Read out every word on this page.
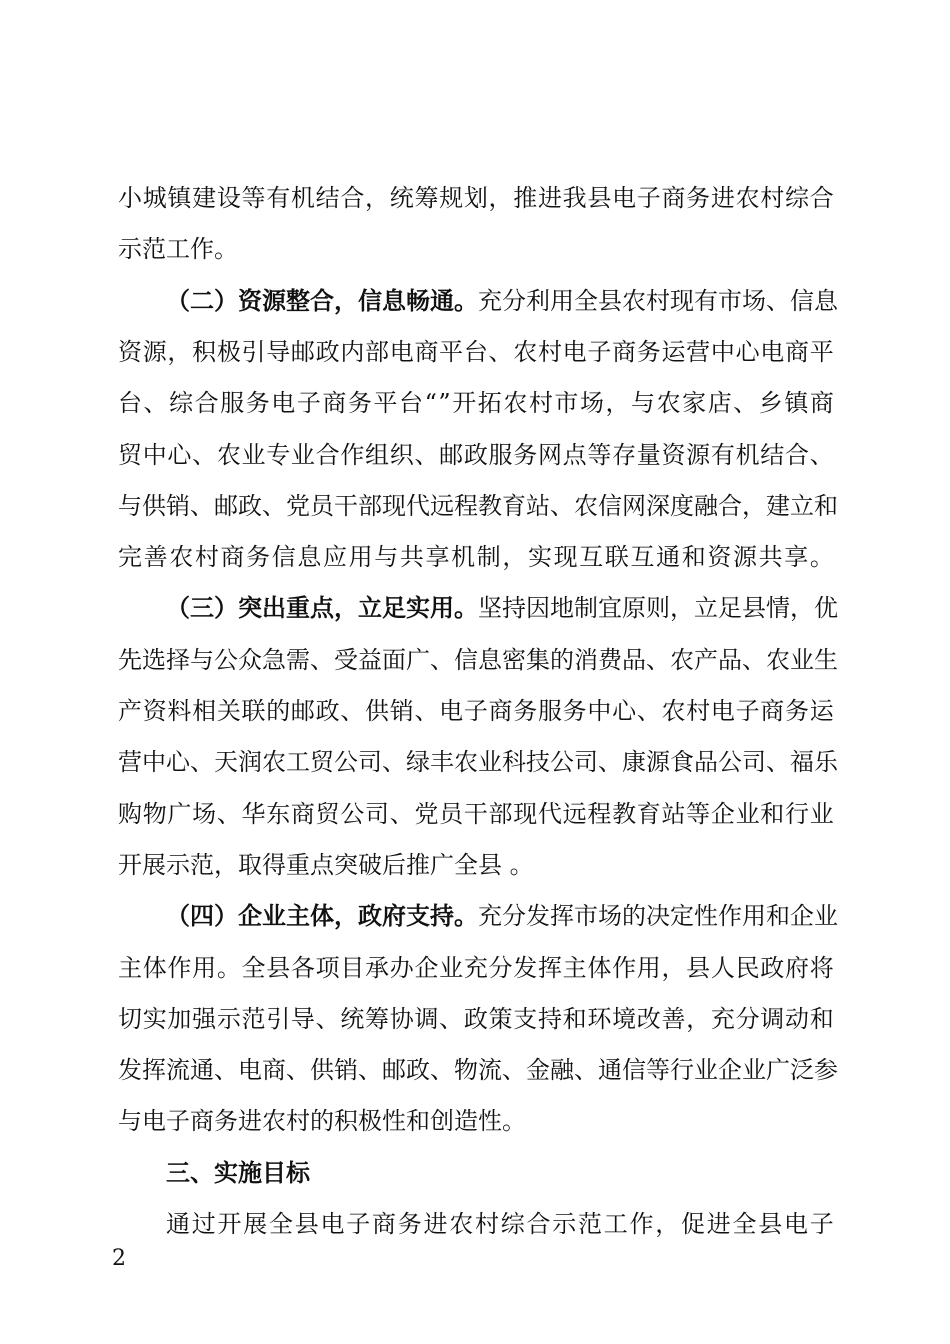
小 城 镇 建 设 等 有 机 结 合 ， 统 筹 规 划 ， 推 进 我 县 电 子 商 务 进 农 村 综 合
示范工作。
（ 二 ） 资 源 整 合 ， 信 息 畅 通 。 充 分 利 用 全 县 农 村 现 有 市 场 、 信 息
资 源 ， 积 极 引 导 邮 政 内 部 电 商 平 台 、 农 村 电 子 商 务 运 营 中 心 电 商 平
台 、 综 合 服 务 电 子 商 务 平 台 “ ” 开 拓 农 村 市 场 ， 与 农 家 店 、 乡 镇 商
贸 中 心 、 农 业 专 业 合 作 组 织 、 邮 政 服 务 网 点 等 存 量 资 源 有 机 结 合 、
与 供 销 、 邮 政 、 党 员 干 部 现 代 远 程 教 育 站 、 农 信 网 深 度 融 合 ， 建 立 和
完 善 农 村 商 务 信 息 应 用 与 共 享 机 制 ， 实 现 互 联 互 通 和 资 源 共 享 。
（ 三 ） 突 出 重 点 ， 立 足 实 用 。 坚 持 因 地 制 宜 原 则 ， 立 足 县 情 ， 优
先 选 择 与 公 众 急 需 、 受 益 面 广 、 信 息 密 集 的 消 费 品 、 农 产 品 、 农 业 生
产 资 料 相 关 联 的 邮 政 、 供 销 、 电 子 商 务 服 务 中 心 、 农 村 电 子 商 务 运
营 中 心 、 天 润 农 工 贸 公 司 、 绿 丰 农 业 科 技 公 司 、 康 源 食 品 公 司 、 福 乐
购 物 广 场 、 华 东 商 贸 公 司 、 党 员 干 部 现 代 远 程 教 育 站 等 企 业 和 行 业
开展示范，取得重点突破后推广全县 。
（ 四 ） 企 业 主 体 ， 政 府 支 持 。 充 分 发 挥 市 场 的 决 定 性 作 用 和 企 业
主 体 作 用 。 全 县 各 项 目 承 办 企 业 充 分 发 挥 主 体 作 用 ， 县 人 民 政 府 将
切 实 加 强 示 范 引 导 、 统 筹 协 调 、 政 策 支 持 和 环 境 改 善 ， 充 分 调 动 和
发 挥 流 通 、 电 商 、 供 销 、 邮 政 、 物 流 、 金 融 、 通 信 等 行 业 企 业 广 泛 参
与电子商务进农村的积极性和创造性。
三、实施目标
通 过 开 展 全 县 电 子 商 务 进 农 村 综 合 示 范 工 作 ， 促 进 全 县 电 子
2
